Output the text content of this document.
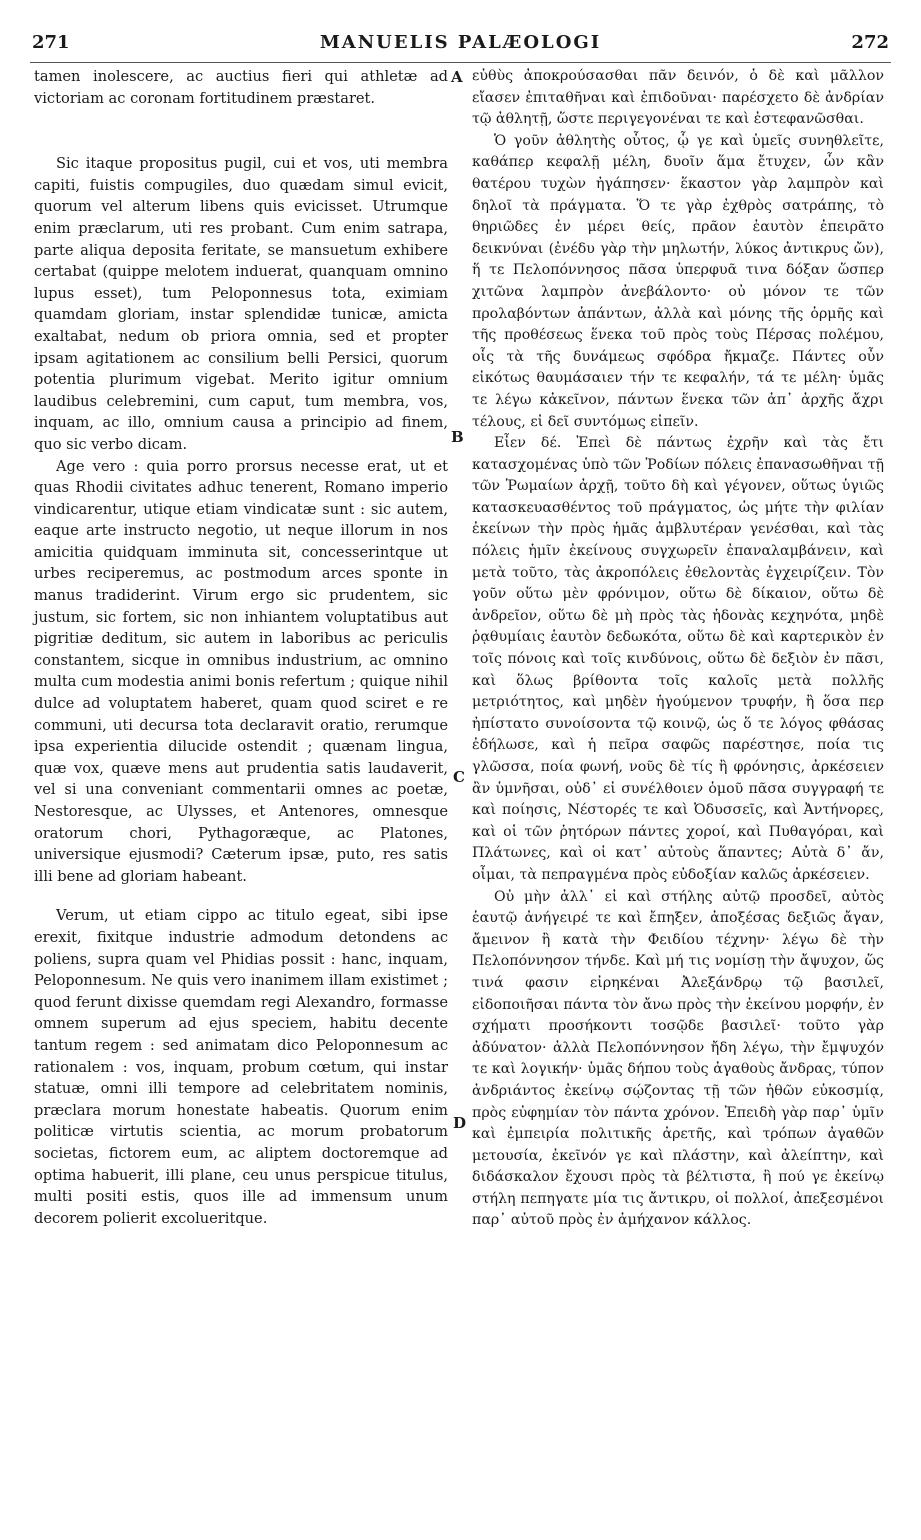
271	MANUELIS PALÆOLOGI	272

tamen inolescere, ac auctius fieri qui athletæ ad victoriam ac coronam fortitudinem præstaret.

Sic itaque propositus pugil, cui et vos, uti membra capiti, fuistis compugiles, duo quædam simul evicit, quorum vel alterum libens quis evicisset. Utrumque enim præclarum, uti res probant. Cum enim satrapa, parte aliqua deposita feritate, se mansuetum exhibere certabat (quippe melotem induerat, quanquam omnino lupus esset), tum Peloponnesus tota, eximiam quamdam gloriam, instar splendidæ tunicæ, amicta exaltabat, nedum ob priora omnia, sed et propter ipsam agitationem ac consilium belli Persici, quorum potentia plurimum vigebat. Merito igitur omnium laudibus celebremini, cum caput, tum membra, vos, inquam, ac illo, omnium causa a principio ad finem, quo sic verbo dicam.

Age vero : quia porro prorsus necesse erat, ut et quas Rhodii civitates adhuc tenerent, Romano imperio vindicarentur, utique etiam vindicatæ sunt : sic autem, eaque arte instructo negotio, ut neque illorum in nos amicitia quidquam imminuta sit, concesserintque ut urbes reciperemus, ac postmodum arces sponte in manus tradiderint. Virum ergo sic prudentem, sic justum, sic fortem, sic non inhiantem voluptatibus aut pigritiæ deditum, sic autem in laboribus ac periculis constantem, sicque in omnibus industrium, ac omnino multa cum modestia animi bonis refertum ; quique nihil dulce ad voluptatem haberet, quam quod sciret e re communi, uti decursa tota declaravit oratio, rerumque ipsa experientia dilucide ostendit ; quænam lingua, quæ vox, quæve mens aut prudentia satis laudaverit, vel si una conveniant commentarii omnes ac poetæ, Nestoresque, ac Ulysses, et Antenores, omnesque oratorum chori, Pythagoræque, ac Platones, universique ejusmodi? Cæterum ipsæ, puto, res satis illi bene ad gloriam habeant.

Verum, ut etiam cippo ac titulo egeat, sibi ipse erexit, fixitque industrie admodum detondens ac poliens, supra quam vel Phidias possit : hanc, inquam, Peloponnesum. Ne quis vero inanimem illam existimet ; quod ferunt dixisse quemdam regi Alexandro, formasse omnem superum ad ejus speciem, habitu decente tantum regem : sed animatam dico Peloponnesum ac rationalem : vos, inquam, probum cœtum, qui instar statuæ, omni illi tempore ad celebritatem nominis, præclara morum honestate habeatis. Quorum enim politicæ virtutis scientia, ac morum probatorum societas, fictorem eum, ac aliptem doctoremque ad optima habuerit, illi plane, ceu unus perspicue titulus, multi positi estis, quos ille ad immensum unum decorem polierit excolueritque.

A
B
C
D

εὐθὺς ἀποκρούσασθαι πᾶν δεινόν, ὁ δὲ καὶ μᾶλλον εἴασεν ἐπιταθῆναι καὶ ἐπιδοῦναι· παρέσχετο δὲ ἀνδρίαν τῷ ἀθλητῇ, ὥστε περιγεγονέναι τε καὶ ἐστεφανῶσθαι.

Ὁ γοῦν ἀθλητὴς οὗτος, ᾧ γε καὶ ὑμεῖς συνηθλεῖτε, καθάπερ κεφαλῇ μέλη, δυοῖν ἅμα ἔτυχεν, ὧν κἂν θατέρου τυχὼν ἠγάπησεν· ἕκαστον γὰρ λαμπρὸν καὶ δηλοῖ τὰ πράγματα. Ὅ τε γὰρ ἐχθρὸς σατράπης, τὸ θηριῶδες ἐν μέρει θείς, πρᾶον ἑαυτὸν ἐπειρᾶτο δεικνύναι (ἐνέδυ γὰρ τὴν μηλωτήν, λύκος ἀντικρυς ὤν), ἥ τε Πελοπόννησος πᾶσα ὑπερφυᾶ τινα δόξαν ὥσπερ χιτῶνα λαμπρὸν ἀνεβάλοντο· οὐ μόνον τε τῶν προλαβόντων ἁπάντων, ἀλλὰ καὶ μόνης τῆς ὁρμῆς καὶ τῆς προθέσεως ἕνεκα τοῦ πρὸς τοὺς Πέρσας πολέμου, οἷς τὰ τῆς δυνάμεως σφόδρα ἤκμαζε. Πάντες οὖν εἰκότως θαυμάσαιεν τήν τε κεφαλήν, τά τε μέλη· ὑμᾶς τε λέγω κἀκεῖνον, πάντων ἕνεκα τῶν ἀπ᾽ ἀρχῆς ἄχρι τέλους, εἰ δεῖ συντόμως εἰπεῖν.

Εἶεν δέ. Ἐπεὶ δὲ πάντως ἐχρῆν καὶ τὰς ἔτι κατασχομένας ὑπὸ τῶν Ῥοδίων πόλεις ἐπανασωθῆναι τῇ τῶν Ῥωμαίων ἀρχῇ, τοῦτο δὴ καὶ γέγονεν, οὕτως ὑγιῶς κατασκευασθέντος τοῦ πράγματος, ὡς μήτε τὴν φιλίαν ἐκείνων τὴν πρὸς ἡμᾶς ἀμβλυτέραν γενέσθαι, καὶ τὰς πόλεις ἡμῖν ἐκείνους συγχωρεῖν ἐπαναλαμβάνειν, καὶ μετὰ τοῦτο, τὰς ἀκροπόλεις ἐθελοντὰς ἐγχειρίζειν. Τὸν γοῦν οὕτω μὲν φρόνιμον, οὕτω δὲ δίκαιον, οὕτω δὲ ἀνδρεῖον, οὕτω δὲ μὴ πρὸς τὰς ἡδονὰς κεχηνότα, μηδὲ ῥᾳθυμίαις ἑαυτὸν δεδωκότα, οὕτω δὲ καὶ καρτερικὸν ἐν τοῖς πόνοις καὶ τοῖς κινδύνοις, οὕτω δὲ δεξιὸν ἐν πᾶσι, καὶ ὅλως βρίθοντα τοῖς καλοῖς μετὰ πολλῆς μετριότητος, καὶ μηδὲν ἡγούμενον τρυφήν, ἢ ὅσα περ ἠπίστατο συνοίσοντα τῷ κοινῷ, ὡς ὅ τε λόγος φθάσας ἐδήλωσε, καὶ ἡ πεῖρα σαφῶς παρέστησε, ποία τις γλῶσσα, ποία φωνή, νοῦς δὲ τίς ἢ φρόνησις, ἀρκέσειεν ἂν ὑμνῆσαι, οὐδ᾽ εἰ συνέλθοιεν ὁμοῦ πᾶσα συγγραφή τε καὶ ποίησις, Νέστορές τε καὶ Ὀδυσσεῖς, καὶ Ἀντήνορες, καὶ οἱ τῶν ῥητόρων πάντες χοροί, καὶ Πυθαγόραι, καὶ Πλάτωνες, καὶ οἱ κατ᾽ αὐτοὺς ἅπαντες; Αὐτὰ δ᾽ ἄν, οἶμαι, τὰ πεπραγμένα πρὸς εὐδοξίαν καλῶς ἀρκέσειεν.

Οὐ μὴν ἀλλ᾽ εἰ καὶ στήλης αὐτῷ προσδεῖ, αὐτὸς ἑαυτῷ ἀνήγειρέ τε καὶ ἔπηξεν, ἀποξέσας δεξιῶς ἄγαν, ἄμεινον ἢ κατὰ τὴν Φειδίου τέχνην· λέγω δὲ τὴν Πελοπόννησον τήνδε. Καὶ μή τις νομίσῃ τὴν ἄψυχον, ὥς τινά φασιν εἰρηκέναι Ἀλεξάνδρῳ τῷ βασιλεῖ, εἰδοποιῆσαι πάντα τὸν ἄνω πρὸς τὴν ἐκείνου μορφήν, ἐν σχήματι προσήκοντι τοσῷδε βασιλεῖ· τοῦτο γὰρ ἀδύνατον· ἀλλὰ Πελοπόννησον ἤδη λέγω, τὴν ἔμψυχόν τε καὶ λογικήν· ὑμᾶς δήπου τοὺς ἀγαθοὺς ἄνδρας, τύπον ἀνδριάντος ἐκείνῳ σῴζοντας τῇ τῶν ἠθῶν εὐκοσμίᾳ, πρὸς εὐφημίαν τὸν πάντα χρόνον. Ἐπειδὴ γὰρ παρ᾽ ὑμῖν καὶ ἐμπειρία πολιτικῆς ἀρετῆς, καὶ τρόπων ἀγαθῶν μετουσία, ἐκεῖνόν γε καὶ πλάστην, καὶ ἀλείπτην, καὶ διδάσκαλον ἔχουσι πρὸς τὰ βέλτιστα, ἣ πού γε ἐκείνῳ στήλη πεπηγατε μία τις ἄντικρυ, οἱ πολλοί, ἀπεξεσμένοι παρ᾽ αὐτοῦ πρὸς ἐν ἀμήχανον κάλλος.
